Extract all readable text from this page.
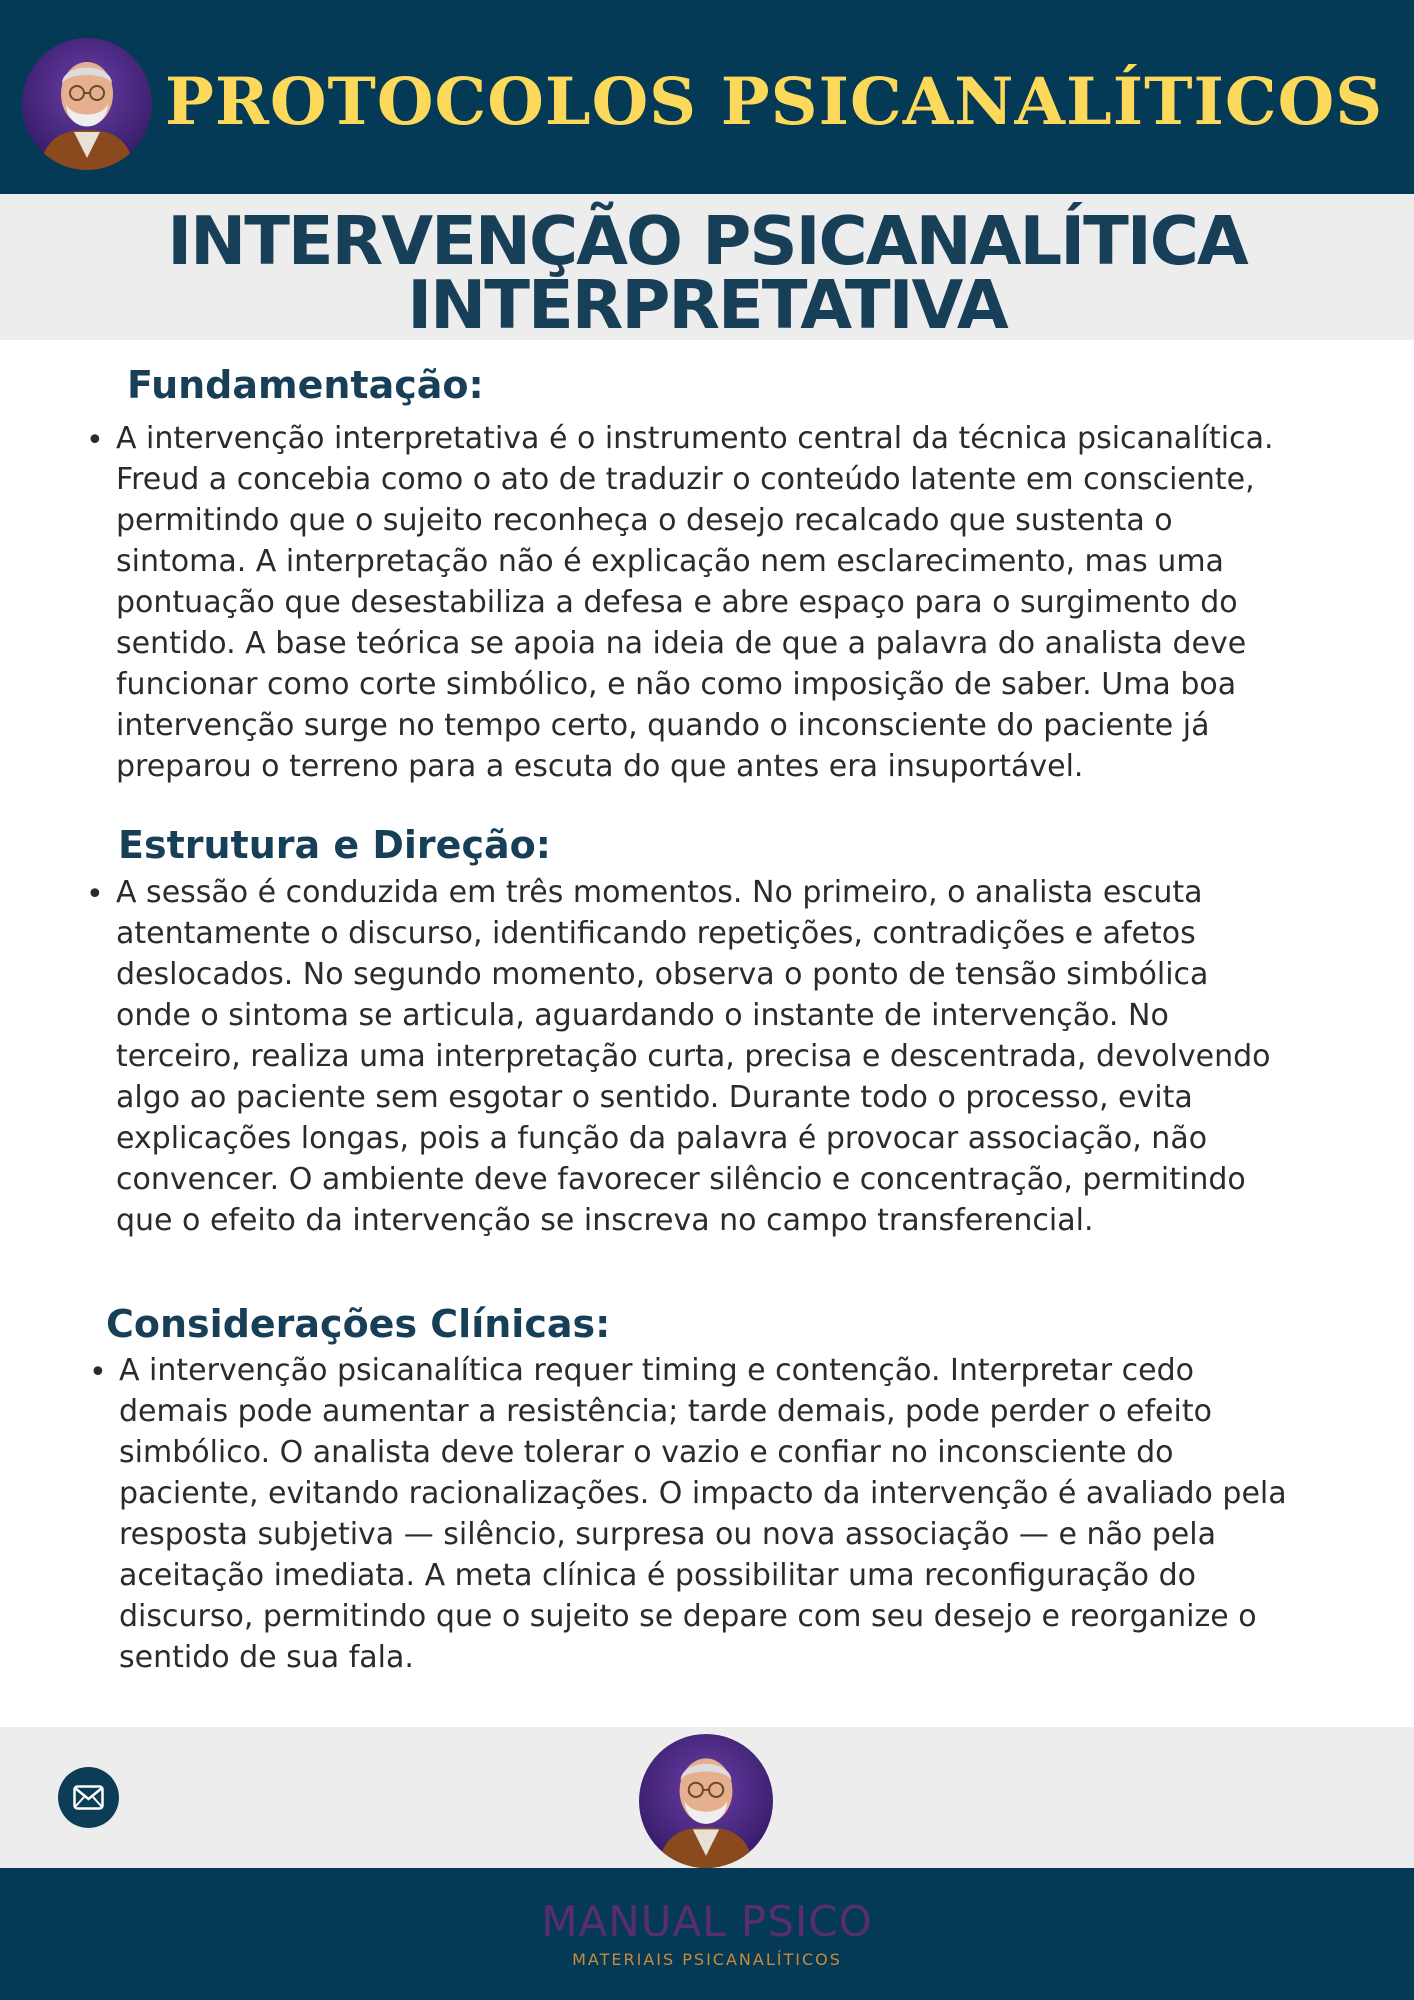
PROTOCOLOS PSICANALÍTICOS
INTERVENÇÃO PSICANALÍTICA
INTERPRETATIVA
Fundamentação:
• A intervenção interpretativa é o instrumento central da técnica psicanalítica.
Freud a concebia como o ato de traduzir o conteúdo latente em consciente,
permitindo que o sujeito reconheça o desejo recalcado que sustenta o
sintoma. A interpretação não é explicação nem esclarecimento, mas uma
pontuação que desestabiliza a defesa e abre espaço para o surgimento do
sentido. A base teórica se apoia na ideia de que a palavra do analista deve
funcionar como corte simbólico, e não como imposição de saber. Uma boa
intervenção surge no tempo certo, quando o inconsciente do paciente já
preparou o terreno para a escuta do que antes era insuportável.
Estrutura e Direção:
• A sessão é conduzida em três momentos. No primeiro, o analista escuta
atentamente o discurso, identificando repetições, contradições e afetos
deslocados. No segundo momento, observa o ponto de tensão simbólica
onde o sintoma se articula, aguardando o instante de intervenção. No
terceiro, realiza uma interpretação curta, precisa e descentrada, devolvendo
algo ao paciente sem esgotar o sentido. Durante todo o processo, evita
explicações longas, pois a função da palavra é provocar associação, não
convencer. O ambiente deve favorecer silêncio e concentração, permitindo
que o efeito da intervenção se inscreva no campo transferencial.
Considerações Clínicas:
• A intervenção psicanalítica requer timing e contenção. Interpretar cedo
demais pode aumentar a resistência; tarde demais, pode perder o efeito
simbólico. O analista deve tolerar o vazio e confiar no inconsciente do
paciente, evitando racionalizações. O impacto da intervenção é avaliado pela
resposta subjetiva — silêncio, surpresa ou nova associação — e não pela
aceitação imediata. A meta clínica é possibilitar uma reconfiguração do
discurso, permitindo que o sujeito se depare com seu desejo e reorganize o
sentido de sua fala.
MANUAL PSICO
MATERIAIS PSICANALÍTICOS
